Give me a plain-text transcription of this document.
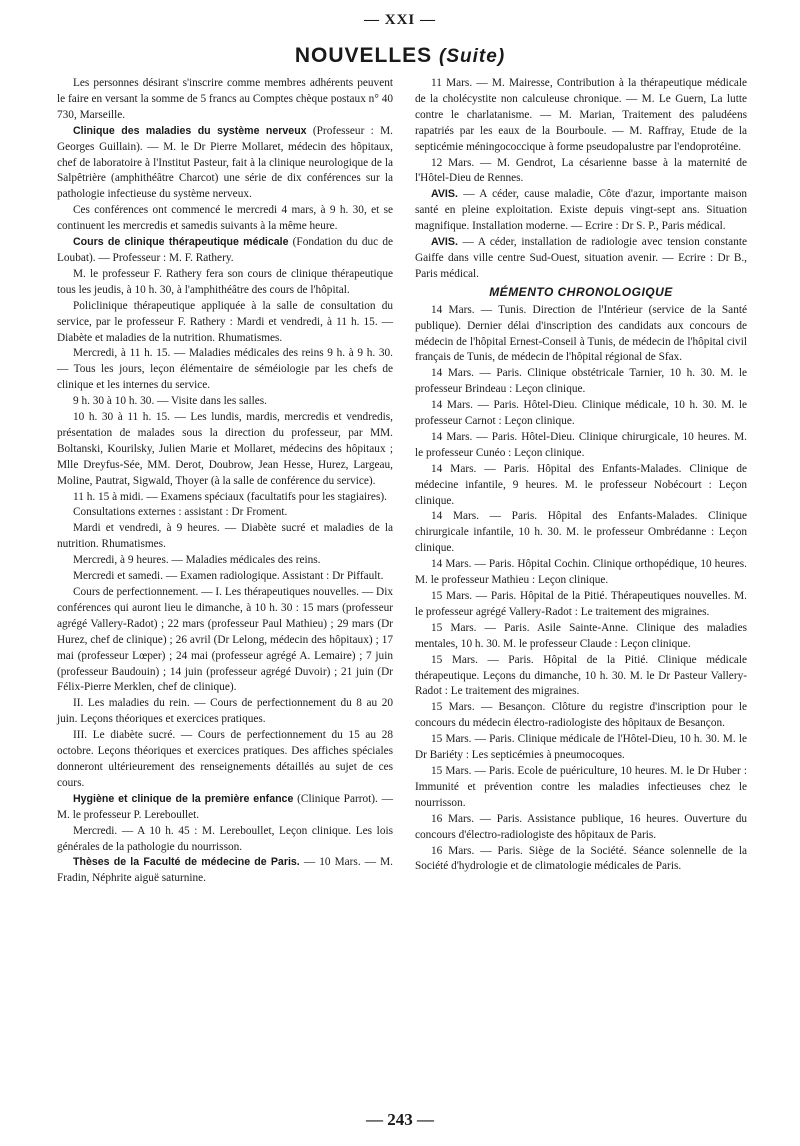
— XXI —
NOUVELLES (Suite)

Les personnes désirant s'inscrire comme membres adhérents peuvent le faire en versant la somme de 5 francs au Comptes chèque postaux n° 40 730, Marseille.

Clinique des maladies du système nerveux (Professeur : M. Georges Guillain). — M. le Dr Pierre Mollaret, médecin des hôpitaux, chef de laboratoire à l'Institut Pasteur, fait à la clinique neurologique de la Salpêtrière (amphithéâtre Charcot) une série de dix conférences sur la pathologie infectieuse du système nerveux.

Ces conférences ont commencé le mercredi 4 mars, à 9 h. 30, et se continuent les mercredis et samedis suivants à la même heure.

Cours de clinique thérapeutique médicale (Fondation du duc de Loubat). — Professeur : M. F. Rathery.

M. le professeur F. Rathery fera son cours de clinique thérapeutique tous les jeudis, à 10 h. 30, à l'amphithéâtre des cours de l'hôpital.

Policlinique thérapeutique appliquée à la salle de consultation du service, par le professeur F. Rathery : Mardi et vendredi, à 11 h. 15. — Diabète et maladies de la nutrition. Rhumatismes.

Mercredi, à 11 h. 15. — Maladies médicales des reins 9 h. à 9 h. 30. — Tous les jours, leçon élémentaire de séméiologie par les chefs de clinique et les internes du service.

9 h. 30 à 10 h. 30. — Visite dans les salles.

10 h. 30 à 11 h. 15. — Les lundis, mardis, mercredis et vendredis, présentation de malades sous la direction du professeur, par MM. Boltanski, Kourilsky, Julien Marie et Mollaret, médecins des hôpitaux ; Mlle Dreyfus-Sée, MM. Derot, Doubrow, Jean Hesse, Hurez, Largeau, Moline, Pautrat, Sigwald, Thoyer (à la salle de conférence du service).

11 h. 15 à midi. — Examens spéciaux (facultatifs pour les stagiaires).

Consultations externes : assistant : Dr Froment.

Mardi et vendredi, à 9 heures. — Diabète sucré et maladies de la nutrition. Rhumatismes.

Mercredi, à 9 heures. — Maladies médicales des reins.

Mercredi et samedi. — Examen radiologique. Assistant : Dr Piffault.

Cours de perfectionnement. — I. Les thérapeutiques nouvelles. — Dix conférences qui auront lieu le dimanche, à 10 h. 30 : 15 mars (professeur agrégé Vallery-Radot) ; 22 mars (professeur Paul Mathieu) ; 29 mars (Dr Hurez, chef de clinique) ; 26 avril (Dr Lelong, médecin des hôpitaux) ; 17 mai (professeur Lœper) ; 24 mai (professeur agrégé A. Lemaire) ; 7 juin (professeur Baudouin) ; 14 juin (professeur agrégé Duvoir) ; 21 juin (Dr Félix-Pierre Merklen, chef de clinique).

II. Les maladies du rein. — Cours de perfectionnement du 8 au 20 juin. Leçons théoriques et exercices pratiques.

III. Le diabète sucré. — Cours de perfectionnement du 15 au 28 octobre. Leçons théoriques et exercices pratiques. Des affiches spéciales donneront ultérieurement des renseignements détaillés au sujet de ces cours.

Hygiène et clinique de la première enfance (Clinique Parrot). — M. le professeur P. Lereboullet.

Mercredi. — A 10 h. 45 : M. Lereboullet, Leçon clinique. Les lois générales de la pathologie du nourrisson.

Thèses de la Faculté de médecine de Paris. — 10 Mars. — M. Fradin, Néphrite aiguë saturnine.

11 Mars. — M. Mairesse, Contribution à la thérapeutique médicale de la cholécystite non calculeuse chronique. — M. Le Guern, La lutte contre le charlatanisme. — M. Marian, Traitement des paludéens rapatriés par les eaux de la Bourboule. — M. Raffray, Etude de la septicémie méningococcique à forme pseudopalustre par l'endoprotéine.

12 Mars. — M. Gendrot, La césarienne basse à la maternité de l'Hôtel-Dieu de Rennes.

AVIS. — A céder, cause maladie, Côte d'azur, importante maison santé en pleine exploitation. Existe depuis vingt-sept ans. Situation magnifique. Installation moderne. — Ecrire : Dr S. P., Paris médical.

AVIS. — A céder, installation de radiologie avec tension constante Gaiffe dans ville centre Sud-Ouest, situation avenir. — Ecrire : Dr B., Paris médical.

MÉMENTO CHRONOLOGIQUE

14 Mars. — Tunis. Direction de l'Intérieur (service de la Santé publique). Dernier délai d'inscription des candidats aux concours de médecin de l'hôpital Ernest-Conseil à Tunis, de médecin de l'hôpital civil français de Tunis, de médecin de l'hôpital régional de Sfax.

14 Mars. — Paris. Clinique obstétricale Tarnier, 10 h. 30. M. le professeur Brindeau : Leçon clinique.

14 Mars. — Paris. Hôtel-Dieu. Clinique médicale, 10 h. 30. M. le professeur Carnot : Leçon clinique.

14 Mars. — Paris. Hôtel-Dieu. Clinique chirurgicale, 10 heures. M. le professeur Cunéo : Leçon clinique.

14 Mars. — Paris. Hôpital des Enfants-Malades. Clinique de médecine infantile, 9 heures. M. le professeur Nobécourt : Leçon clinique.

14 Mars. — Paris. Hôpital des Enfants-Malades. Clinique chirurgicale infantile, 10 h. 30. M. le professeur Ombrédanne : Leçon clinique.

14 Mars. — Paris. Hôpital Cochin. Clinique orthopédique, 10 heures. M. le professeur Mathieu : Leçon clinique.

15 Mars. — Paris. Hôpital de la Pitié. Thérapeutiques nouvelles. M. le professeur agrégé Vallery-Radot : Le traitement des migraines.

15 Mars. — Paris. Asile Sainte-Anne. Clinique des maladies mentales, 10 h. 30. M. le professeur Claude : Leçon clinique.

15 Mars. — Paris. Hôpital de la Pitié. Clinique médicale thérapeutique. Leçons du dimanche, 10 h. 30. M. le Dr Pasteur Vallery-Radot : Le traitement des migraines.

15 Mars. — Besançon. Clôture du registre d'inscription pour le concours du médecin électro-radiologiste des hôpitaux de Besançon.

15 Mars. — Paris. Clinique médicale de l'Hôtel-Dieu, 10 h. 30. M. le Dr Bariéty : Les septicémies à pneumocoques.

15 Mars. — Paris. Ecole de puériculture, 10 heures. M. le Dr Huber : Immunité et prévention contre les maladies infectieuses chez le nourrisson.

16 Mars. — Paris. Assistance publique, 16 heures. Ouverture du concours d'électro-radiologiste des hôpitaux de Paris.

16 Mars. — Paris. Siège de la Société. Séance solennelle de la Société d'hydrologie et de climatologie médicales de Paris.

— 243 —
